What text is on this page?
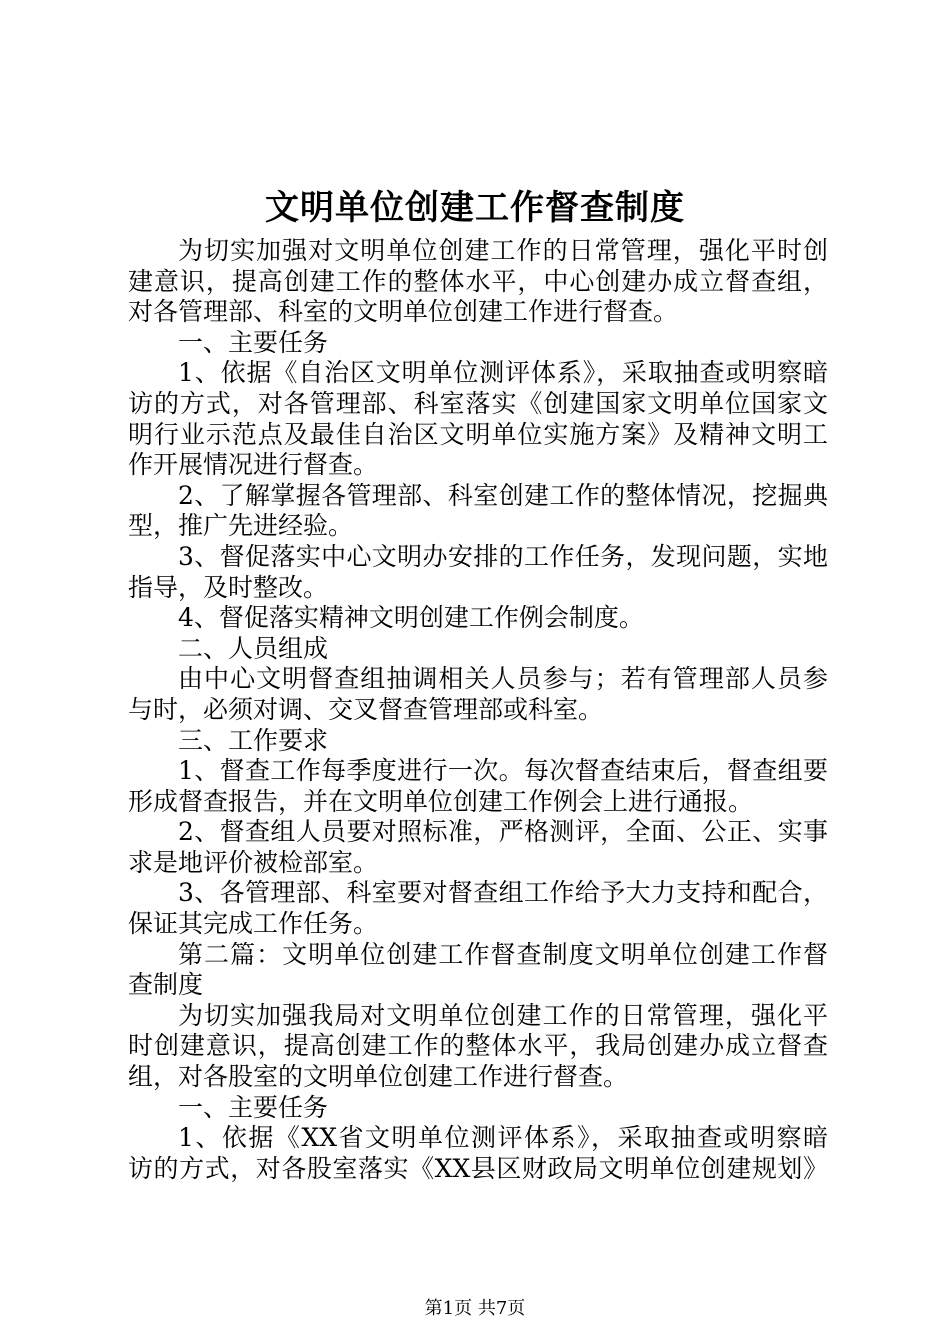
文明单位创建工作督查制度
为切实加强对文明单位创建工作的日常管理，强化平时创
建意识，提高创建工作的整体水平，中心创建办成立督查组，
对各管理部、科室的文明单位创建工作进行督查。
一、主要任务
1、依据《自治区文明单位测评体系》，采取抽查或明察暗
访的方式，对各管理部、科室落实《创建国家文明单位国家文
明行业示范点及最佳自治区文明单位实施方案》及精神文明工
作开展情况进行督查。
2、了解掌握各管理部、科室创建工作的整体情况，挖掘典
型，推广先进经验。
3、督促落实中心文明办安排的工作任务，发现问题，实地
指导，及时整改。
4、督促落实精神文明创建工作例会制度。
二、人员组成
由中心文明督查组抽调相关人员参与；若有管理部人员参
与时，必须对调、交叉督查管理部或科室。
三、工作要求
1、督查工作每季度进行一次。每次督查结束后，督查组要
形成督查报告，并在文明单位创建工作例会上进行通报。
2、督查组人员要对照标准，严格测评，全面、公正、实事
求是地评价被检部室。
3、各管理部、科室要对督查组工作给予大力支持和配合，
保证其完成工作任务。
第二篇：文明单位创建工作督查制度文明单位创建工作督
查制度
为切实加强我局对文明单位创建工作的日常管理，强化平
时创建意识，提高创建工作的整体水平，我局创建办成立督查
组，对各股室的文明单位创建工作进行督查。
一、主要任务
1、依据《XX省文明单位测评体系》，采取抽查或明察暗
访的方式，对各股室落实《XX县区财政局文明单位创建规划》
第1页 共7页
